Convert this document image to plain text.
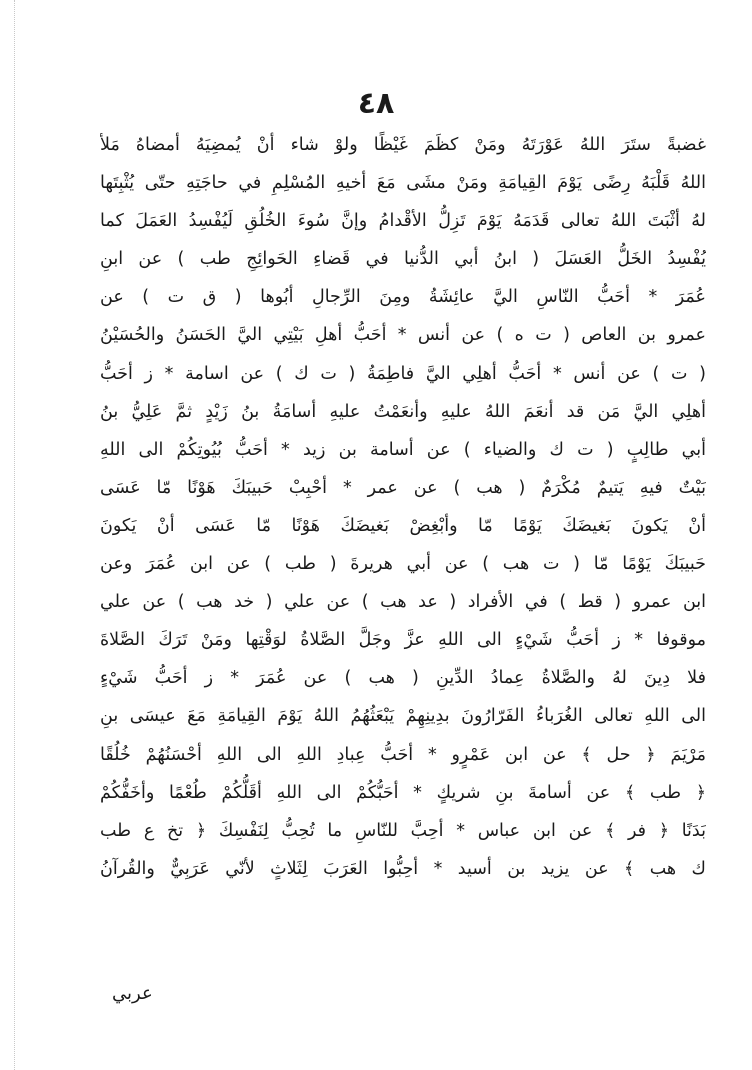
٤٨
غضبةً ستَرَ اللهُ عَوْرَتَهُ ومَنْ كظَمَ غَيْظًا ولوْ شاء أنْ يُمضِيَهُ أمضاهُ مَلأ
اللهُ قَلْبَهُ رِضًى يَوْمَ القِيامَةِ ومَنْ مشَى مَعَ أخيهِ المُسْلِمِ في حاجَتِهِ حتّى يُثْبِتَها
لهُ أثْبَتَ اللهُ تعالى قَدَمَهُ يَوْمَ تَزِلُّ الأقْدامُ وإنَّ سُوءَ الخُلُقِ لَيُفْسِدُ العَمَلَ كما
يُفْسِدُ الخَلُّ العَسَلَ ( ابنُ أبي الدُّنيا في قَضاءِ الحَوائِجِ طب ) عن ابنِ
عُمَرَ * أحَبُّ النّاسِ اليَّ عائِشَةُ ومِنَ الرِّجالِ أبُوها ( ق ت ) عن
عمرو بن العاص ( ت ه ) عن أنس * أحَبُّ أهلِ بَيْتِي اليَّ الحَسَنُ والحُسَيْنُ
( ت ) عن أنس * أحَبُّ أهلِي اليَّ فاطِمَةُ ( ت ك ) عن اسامة * ز أحَبُّ
أهلِي اليَّ مَن قد أنعَمَ اللهُ عليهِ وأنعَمْتُ عليهِ أسامَةُ بنُ زَيْدٍ ثمَّ عَلِيُّ بنُ
أبي طالِبٍ ( ت ك والضياء ) عن أسامة بن زيد * أحَبُّ بُيُوتِكُمْ الى اللهِ
بَيْتٌ فيهِ يَتيمٌ مُكْرَمٌ ( هب ) عن عمر * أحْبِبْ حَبيبَكَ هَوْنًا مّا عَسَى
أنْ يَكونَ بَغيضَكَ يَوْمًا مّا وأبْغِضْ بَغيضَكَ هَوْنًا مّا عَسَى أنْ يَكونَ
حَبيبَكَ يَوْمًا مّا ( ت هب ) عن أبي هريرةَ ( طب ) عن ابن عُمَرَ وعن
ابن عمرو ( قط ) في الأفراد ( عد هب ) عن علي ( خد هب ) عن علي
موقوفا * ز أحَبُّ شَيْءٍ الى اللهِ عزَّ وجَلَّ الصَّلاةُ لوَقْتِها ومَنْ تَرَكَ الصَّلاةَ
فلا دِينَ لهُ والصَّلاةُ عِمادُ الدِّينِ ( هب ) عن عُمَرَ * ز أحَبُّ شَيْءٍ
الى اللهِ تعالى الغُرَباءُ الفَرّارُونَ بدِينِهِمْ يَبْعَثُهُمُ اللهُ يَوْمَ القِيامَةِ مَعَ عيسَى بنِ
مَرْيَمَ ﴿ حل ﴾ عن ابن عَمْرٍو * أحَبُّ عِبادِ اللهِ الى اللهِ أحْسَنُهُمْ خُلُقًا
﴿ طب ﴾ عن أسامةَ بنِ شريكٍ * أحَبُّكُمْ الى اللهِ أقَلُّكُمْ طُعْمًا وأخَفُّكُمْ
بَدَنًا ﴿ فر ﴾ عن ابن عباس * أحِبَّ للنّاسِ ما تُحِبُّ لِنَفْسِكَ ﴿ تخ ع طب
ك هب ﴾ عن يزيد بن أسيد * أحِبُّوا العَرَبَ لِثَلاثٍ لأنّي عَرَبِيٌّ والقُرآنُ
عربي
